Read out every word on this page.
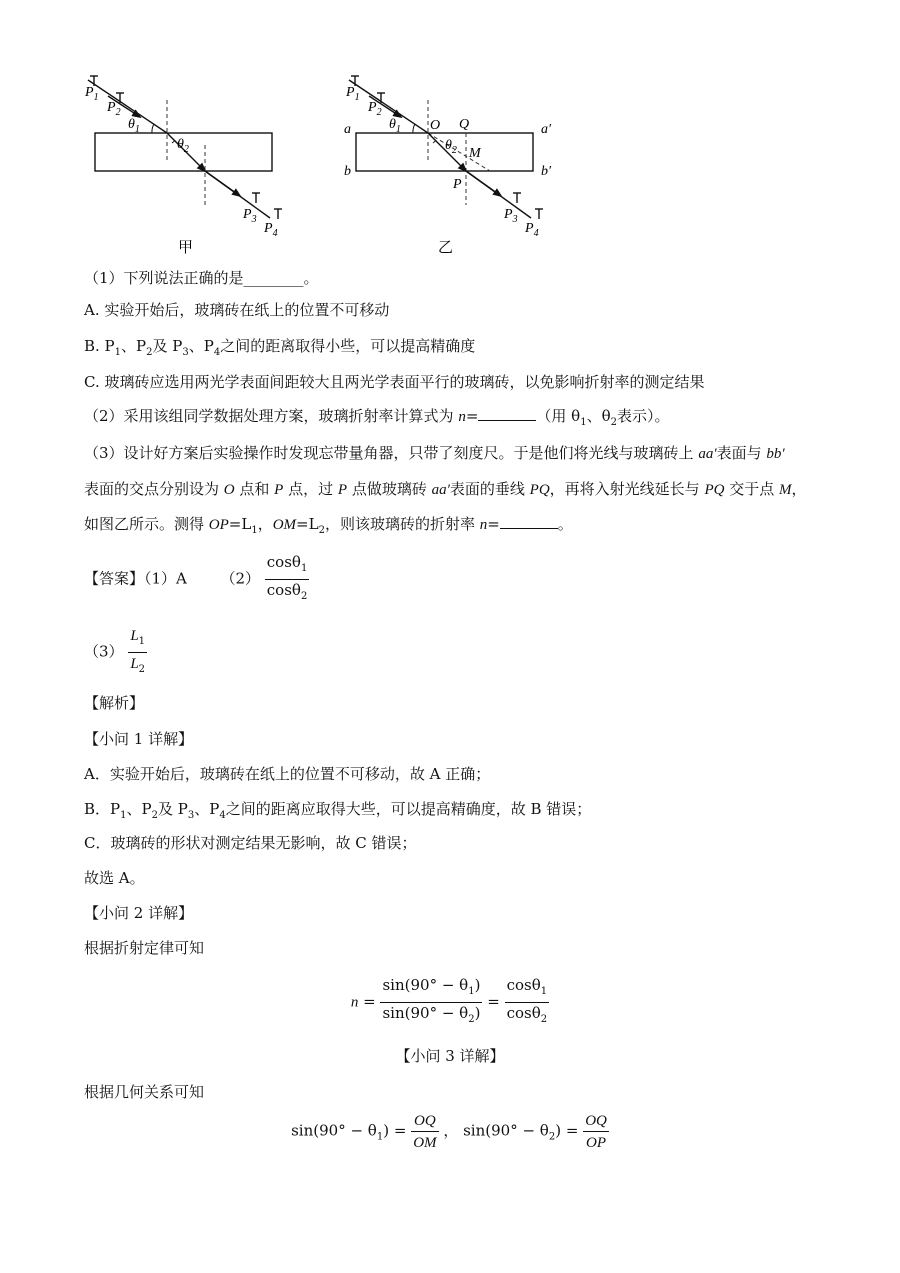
$P_1$
$P_2$
$\theta_1$
$\theta_2$
$P_3$
$P_4$
甲
$P_1$
$P_2$
$\theta_1$ O Q
$\theta_2$ M
P
a	a′
b	b′
$P_3$
$P_4$
乙
（1）下列说法正确的是________。
A. 实验开始后，玻璃砖在纸上的位置不可移动
B. $P_1$、$P_2$及 $P_3$、$P_4$之间的距离取得小些，可以提高精确度
C. 玻璃砖应选用两光学表面间距较大且两光学表面平行的玻璃砖，以免影响折射率的测定结果
（2）采用该组同学数据处理方案，玻璃折射率计算式为 n=	（用 $\theta_1$、$\theta_2$表示）。
（3）设计好方案后实验操作时发现忘带量角器，只带了刻度尺。于是他们将光线与玻璃砖上 aa′表面与 bb′
表面的交点分别设为 O 点和 P 点，过 P 点做玻璃砖 aa′表面的垂线 PQ，再将入射光线延长与 PQ 交于点 M，
如图乙所示。测得 $OP=L_1$，$OM=L_2$，则该玻璃砖的折射率 n=	。
【答案】（1）A $(2) \frac{\cos\theta_1}{\cos\theta_2}$
$(3) \frac{L_1}{L_2}$
【解析】
【小问 1 详解】
A．实验开始后，玻璃砖在纸上的位置不可移动，故 A 正确；
B．$P_1$、$P_2$及 $P_3$、$P_4$之间的距离应取得大些，可以提高精确度，故 B 错误；
C．玻璃砖的形状对测定结果无影响，故 C 错误；
故选 A。
【小问 2 详解】
根据折射定律可知
$n = \frac{\sin(90^\circ - \theta_1)}{\sin(90^\circ - \theta_2)} = \frac{\cos\theta_1}{\cos\theta_2}$
【小问 3 详解】
根据几何关系可知
$\sin(90^\circ - \theta_1) = \frac{OQ}{OM}$ ， $\sin(90^\circ - \theta_2) = \frac{OQ}{OP}$
